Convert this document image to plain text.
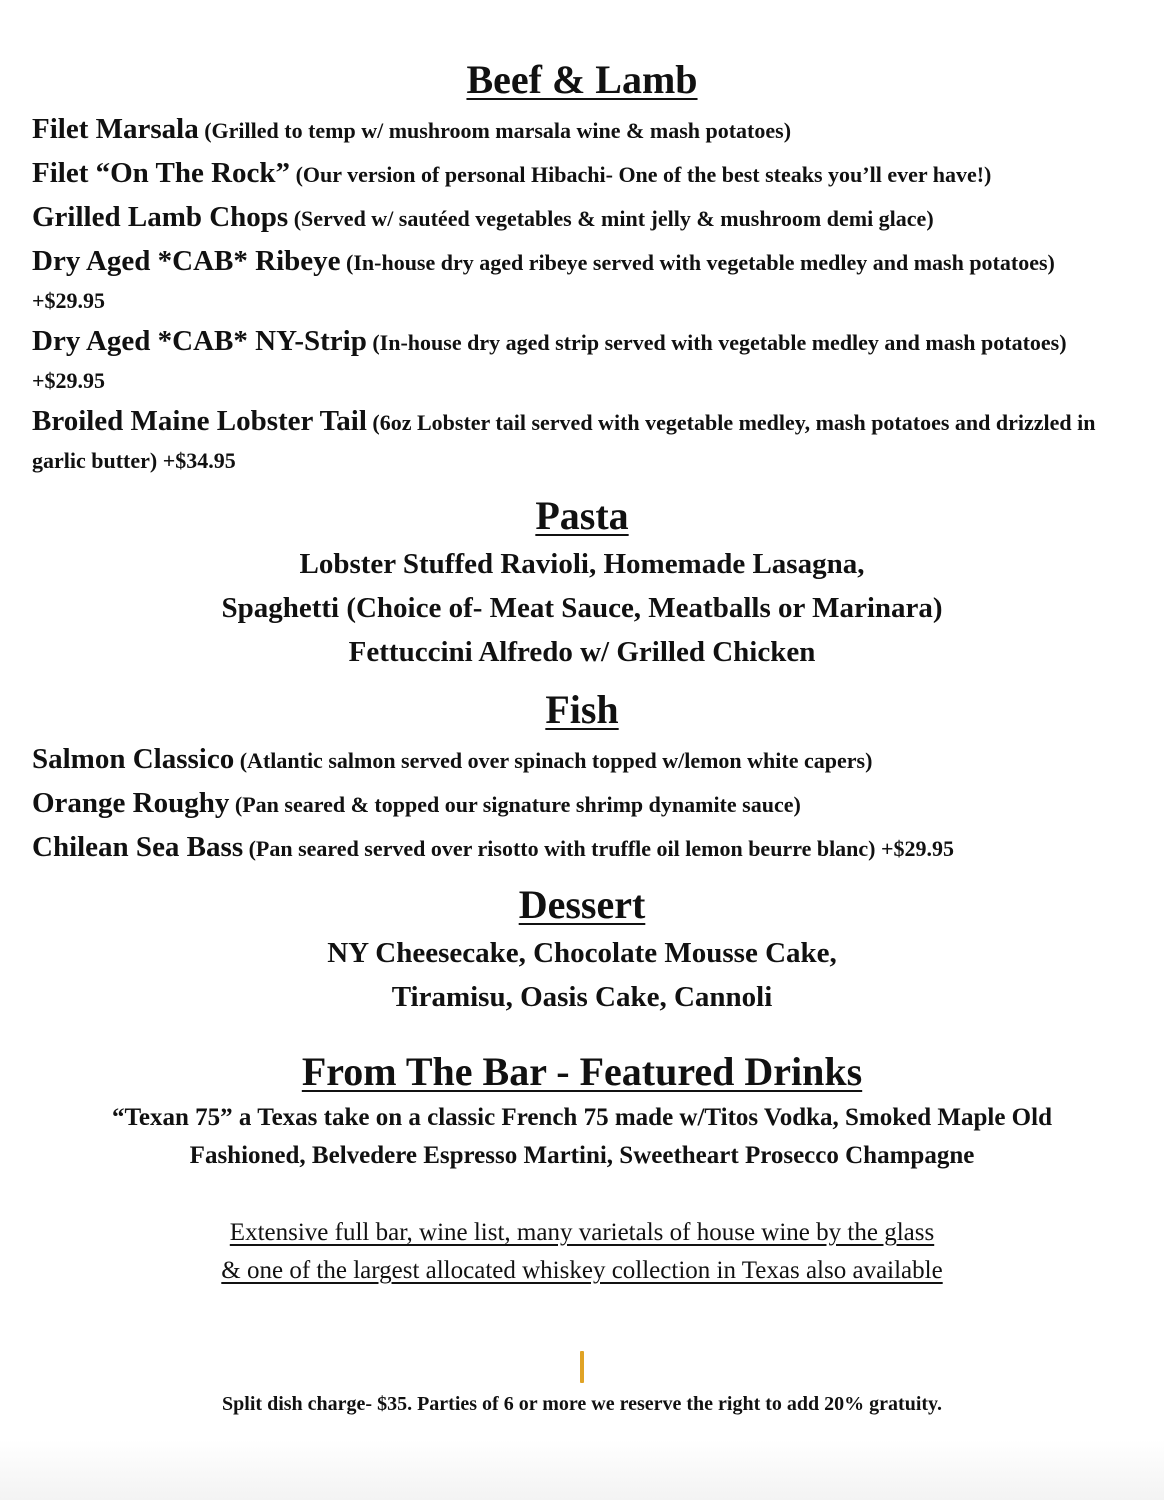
Beef & Lamb
Filet Marsala (Grilled to temp w/ mushroom marsala wine & mash potatoes)
Filet “On The Rock” (Our version of personal Hibachi- One of the best steaks you’ll ever have!)
Grilled Lamb Chops (Served w/ sautéed vegetables & mint jelly & mushroom demi glace)
Dry Aged *CAB* Ribeye (In-house dry aged ribeye served with vegetable medley and mash potatoes) +$29.95
Dry Aged *CAB* NY-Strip (In-house dry aged strip served with vegetable medley and mash potatoes) +$29.95
Broiled Maine Lobster Tail (6oz Lobster tail served with vegetable medley, mash potatoes and drizzled in garlic butter) +$34.95
Pasta
Lobster Stuffed Ravioli, Homemade Lasagna,
Spaghetti (Choice of- Meat Sauce, Meatballs or Marinara)
Fettuccini Alfredo w/ Grilled Chicken
Fish
Salmon Classico (Atlantic salmon served over spinach topped w/lemon white capers)
Orange Roughy (Pan seared & topped our signature shrimp dynamite sauce)
Chilean Sea Bass (Pan seared served over risotto with truffle oil lemon beurre blanc) +$29.95
Dessert
NY Cheesecake, Chocolate Mousse Cake,
Tiramisu, Oasis Cake, Cannoli
From The Bar - Featured Drinks
“Texan 75” a Texas take on a classic French 75 made w/Titos Vodka, Smoked Maple Old Fashioned, Belvedere Espresso Martini, Sweetheart Prosecco Champagne
Extensive full bar, wine list, many varietals of house wine by the glass
& one of the largest allocated whiskey collection in Texas also available
Split dish charge- $35. Parties of 6 or more we reserve the right to add 20% gratuity.
